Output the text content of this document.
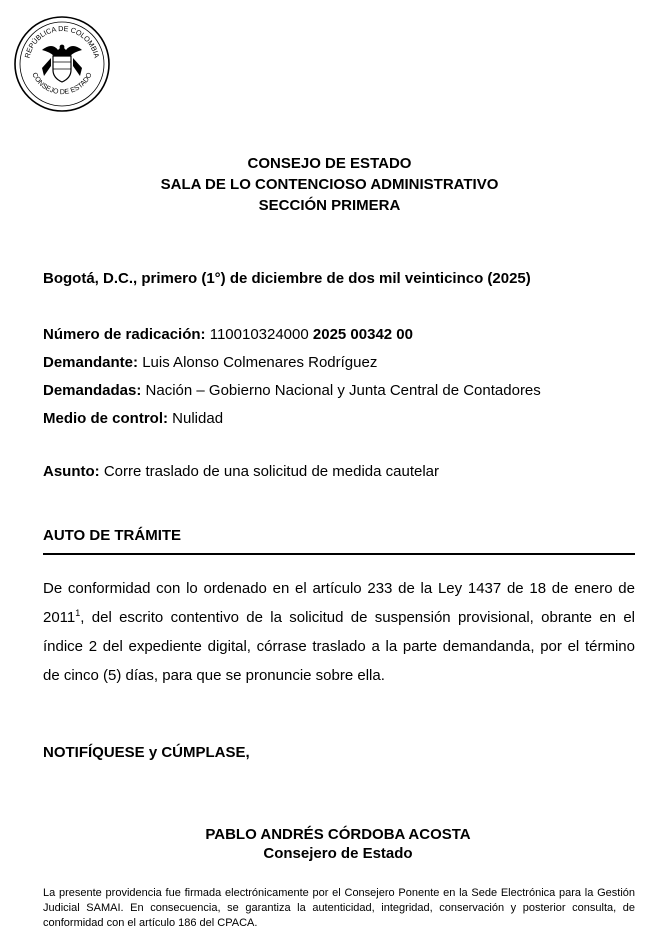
REPÚBLICA DE COLOMBIA
CONSEJO DE ESTADO
CONSEJO DE ESTADO
SALA DE LO CONTENCIOSO ADMINISTRATIVO
SECCIÓN PRIMERA
Bogotá, D.C., primero (1°) de diciembre de dos mil veinticinco (2025)
Número de radicación: 110010324000 2025 00342 00
Demandante: Luis Alonso Colmenares Rodríguez
Demandadas: Nación – Gobierno Nacional y Junta Central de Contadores
Medio de control: Nulidad
Asunto: Corre traslado de una solicitud de medida cautelar
AUTO DE TRÁMITE
De conformidad con lo ordenado en el artículo 233 de la Ley 1437 de 18 de enero de 2011$^1$, del escrito contentivo de la solicitud de suspensión provisional, obrante en el índice 2 del expediente digital, córrase traslado a la parte demandanda, por el término de cinco (5) días, para que se pronuncie sobre ella.
NOTIFÍQUESE y CÚMPLASE,
PABLO ANDRÉS CÓRDOBA ACOSTA
Consejero de Estado
La presente providencia fue firmada electrónicamente por el Consejero Ponente en la Sede Electrónica para la Gestión Judicial SAMAI. En consecuencia, se garantiza la autenticidad, integridad, conservación y posterior consulta, de conformidad con el artículo 186 del CPACA.
